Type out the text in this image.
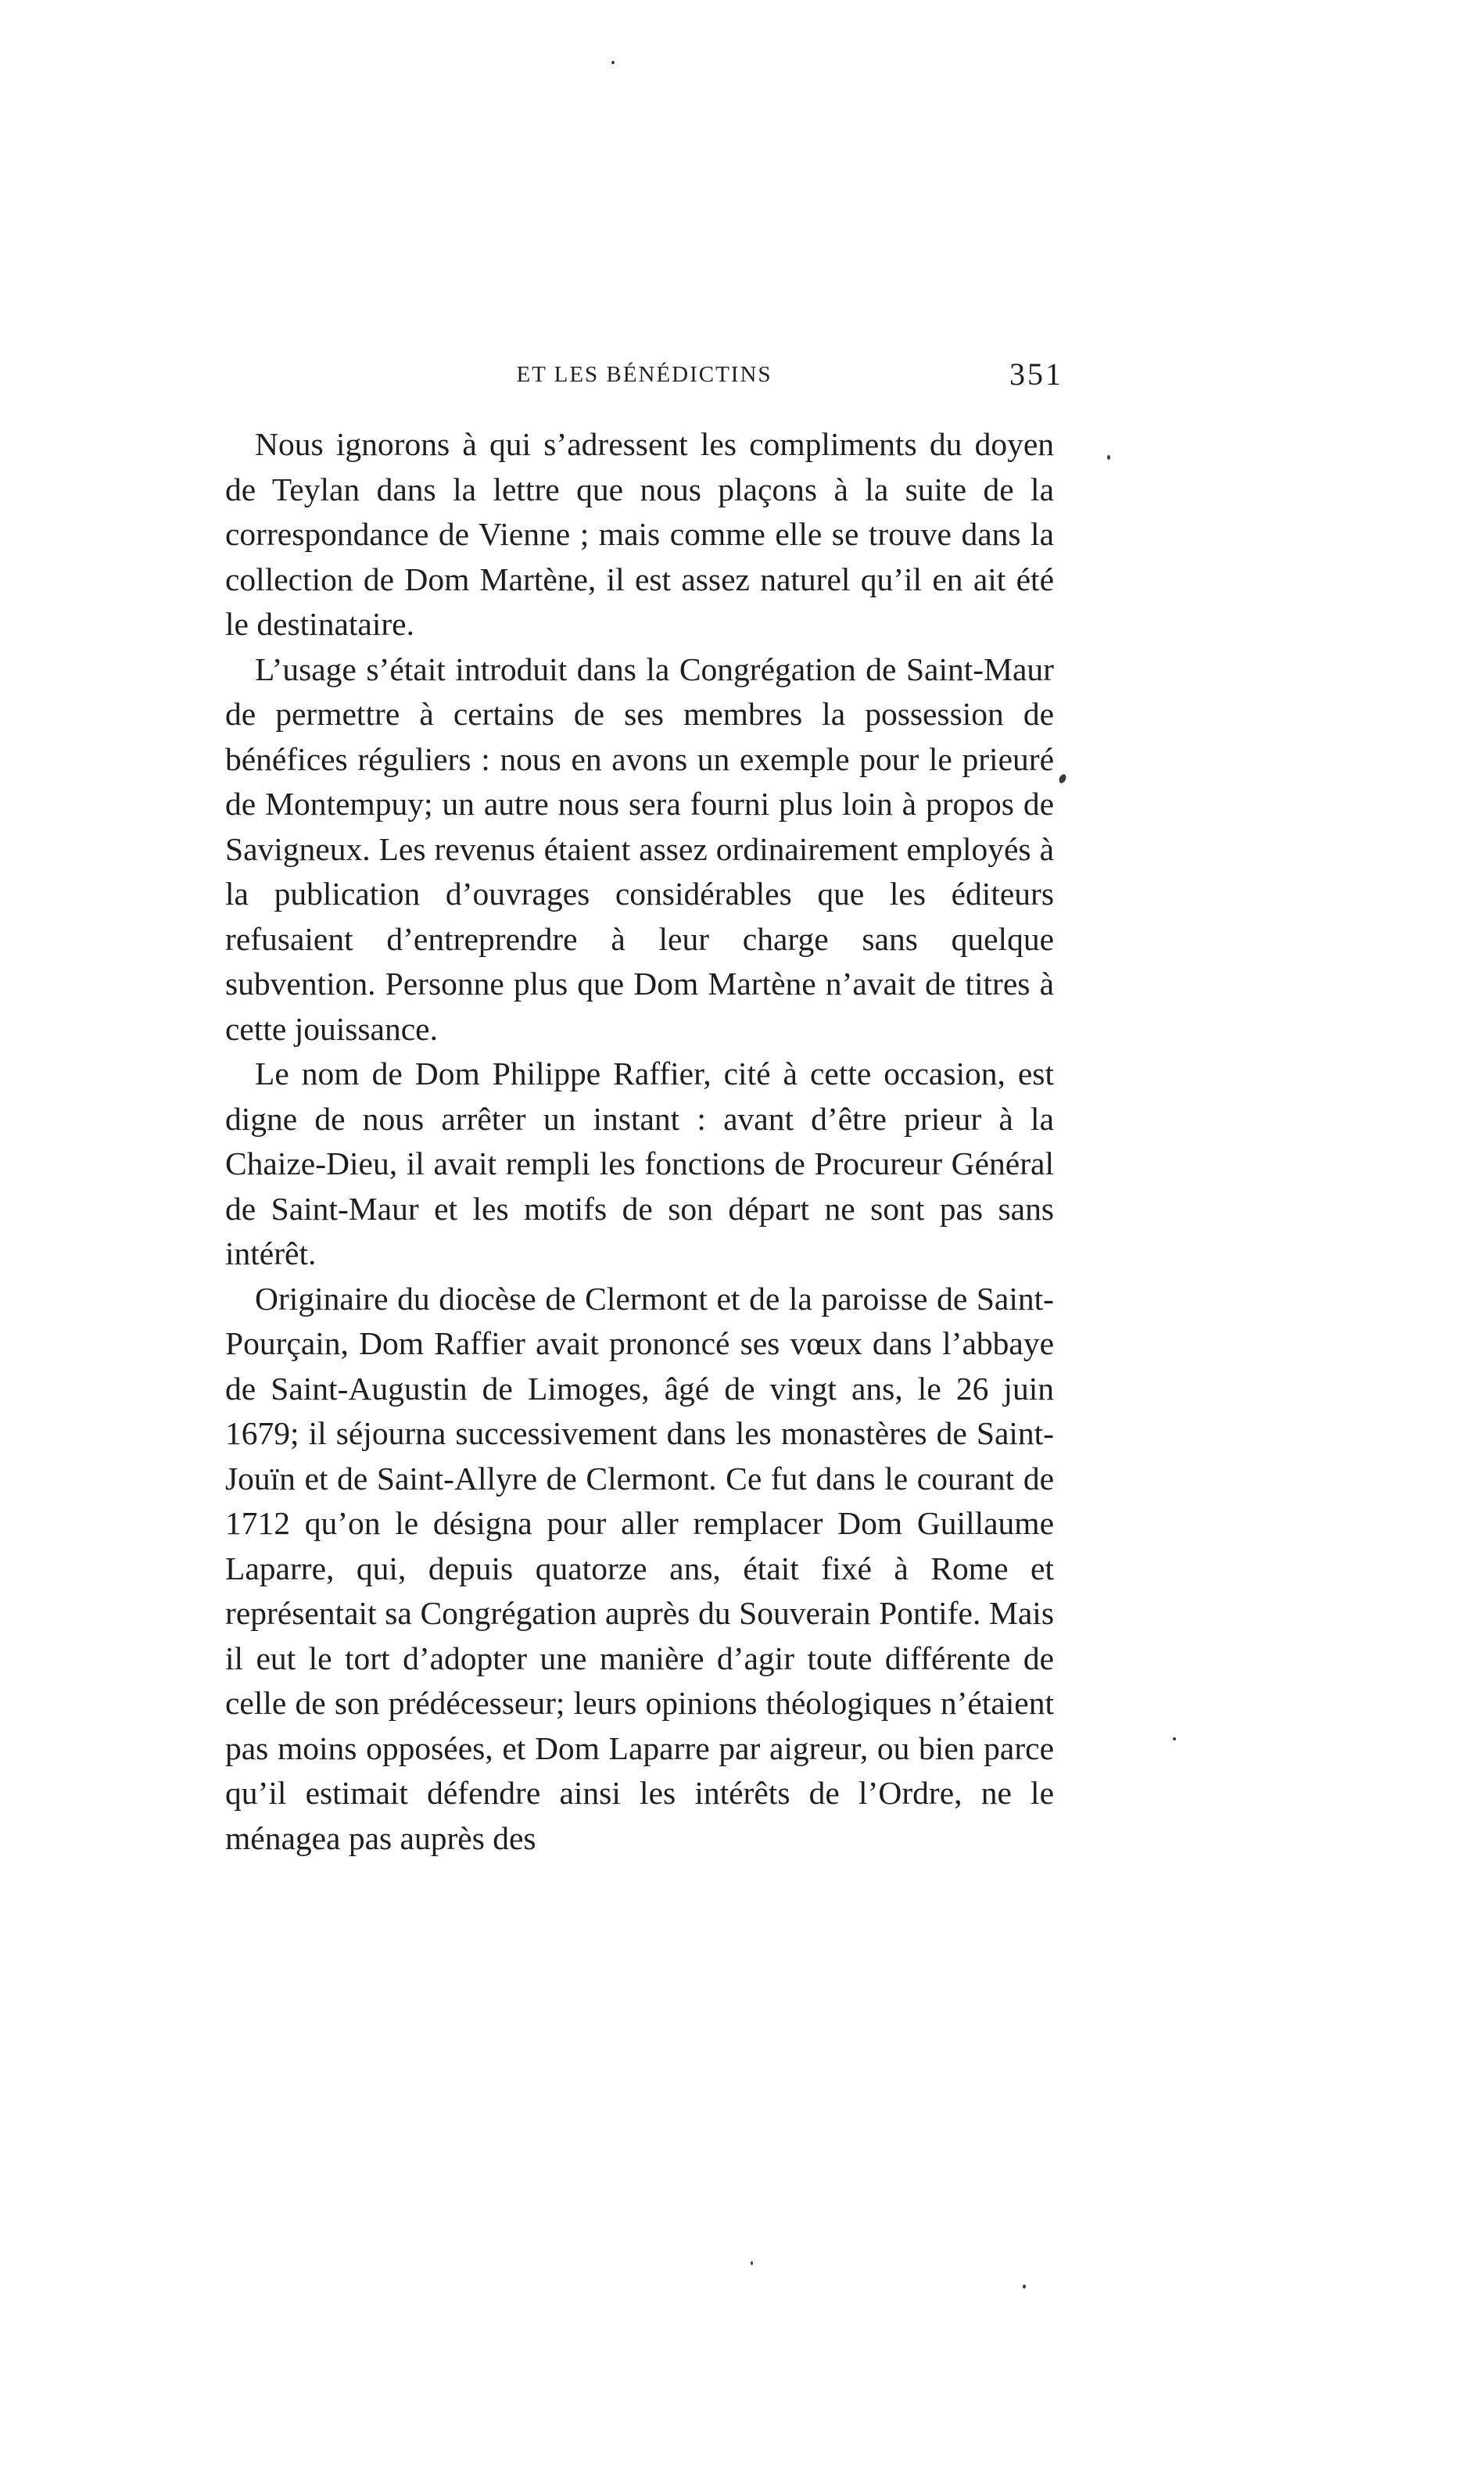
ET LES BÉNÉDICTINS	351

Nous ignorons à qui s’adressent les compliments du doyen de Teylan dans la lettre que nous plaçons à la suite de la correspondance de Vienne ; mais comme elle se trouve dans la collection de Dom Martène, il est assez naturel qu’il en ait été le destinataire.

L’usage s’était introduit dans la Congrégation de Saint-Maur de permettre à certains de ses membres la possession de bénéfices réguliers : nous en avons un exemple pour le prieuré de Montempuy; un autre nous sera fourni plus loin à propos de Savigneux. Les revenus étaient assez ordinairement employés à la publication d’ouvrages considérables que les éditeurs refusaient d’entreprendre à leur charge sans quelque subvention. Personne plus que Dom Martène n’avait de titres à cette jouissance.

Le nom de Dom Philippe Raffier, cité à cette occasion, est digne de nous arrêter un instant : avant d’être prieur à la Chaize-Dieu, il avait rempli les fonctions de Procureur Général de Saint-Maur et les motifs de son départ ne sont pas sans intérêt.

Originaire du diocèse de Clermont et de la paroisse de Saint-Pourçain, Dom Raffier avait prononcé ses vœux dans l’abbaye de Saint-Augustin de Limoges, âgé de vingt ans, le 26 juin 1679; il séjourna successivement dans les monastères de Saint-Jouïn et de Saint-Allyre de Clermont. Ce fut dans le courant de 1712 qu’on le désigna pour aller remplacer Dom Guillaume Laparre, qui, depuis quatorze ans, était fixé à Rome et représentait sa Congrégation auprès du Souverain Pontife. Mais il eut le tort d’adopter une manière d’agir toute différente de celle de son prédécesseur; leurs opinions théologiques n’étaient pas moins opposées, et Dom Laparre par aigreur, ou bien parce qu’il estimait défendre ainsi les intérêts de l’Ordre, ne le ménagea pas auprès des
